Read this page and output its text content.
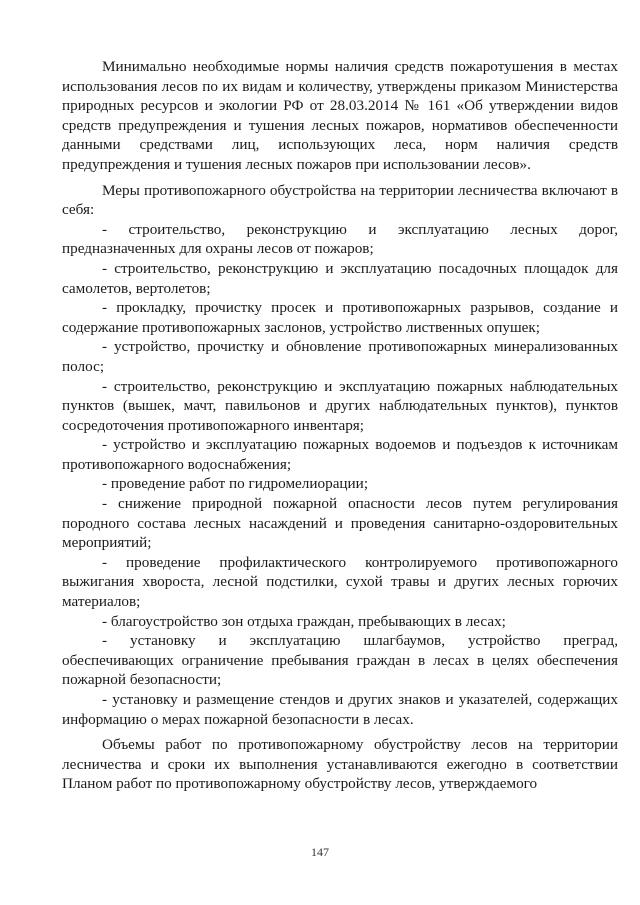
Минимально необходимые нормы наличия средств пожаротушения в местах использования лесов по их видам и количеству, утверждены приказом Министерства природных ресурсов и экологии РФ от 28.03.2014 № 161 «Об утверждении видов средств предупреждения и тушения лесных пожаров, нормативов обеспеченности данными средствами лиц, использующих леса, норм наличия средств предупреждения и тушения лесных пожаров при использовании лесов».

Меры противопожарного обустройства на территории лесничества включают в себя:

- строительство, реконструкцию и эксплуатацию лесных дорог, предназначенных для охраны лесов от пожаров;

- строительство, реконструкцию и эксплуатацию посадочных площадок для самолетов, вертолетов;

- прокладку, прочистку просек и противопожарных разрывов, создание и содержание противопожарных заслонов, устройство лиственных опушек;

- устройство, прочистку и обновление противопожарных минерализованных полос;

- строительство, реконструкцию и эксплуатацию пожарных наблюдательных пунктов (вышек, мачт, павильонов и других наблюдательных пунктов), пунктов сосредоточения противопожарного инвентаря;

- устройство и эксплуатацию пожарных водоемов и подъездов к источникам противопожарного водоснабжения;

- проведение работ по гидромелиорации;

- снижение природной пожарной опасности лесов путем регулирования породного состава лесных насаждений и проведения санитарно-оздоровительных мероприятий;

- проведение профилактического контролируемого противопожарного выжигания хвороста, лесной подстилки, сухой травы и других лесных горючих материалов;

- благоустройство зон отдыха граждан, пребывающих в лесах;

- установку и эксплуатацию шлагбаумов, устройство преград, обеспечивающих ограничение пребывания граждан в лесах в целях обеспечения пожарной безопасности;

- установку и размещение стендов и других знаков и указателей, содержащих информацию о мерах пожарной безопасности в лесах.

Объемы работ по противопожарному обустройству лесов на территории лесничества и сроки их выполнения устанавливаются ежегодно в соответствии Планом работ по противопожарному обустройству лесов, утверждаемого

147
